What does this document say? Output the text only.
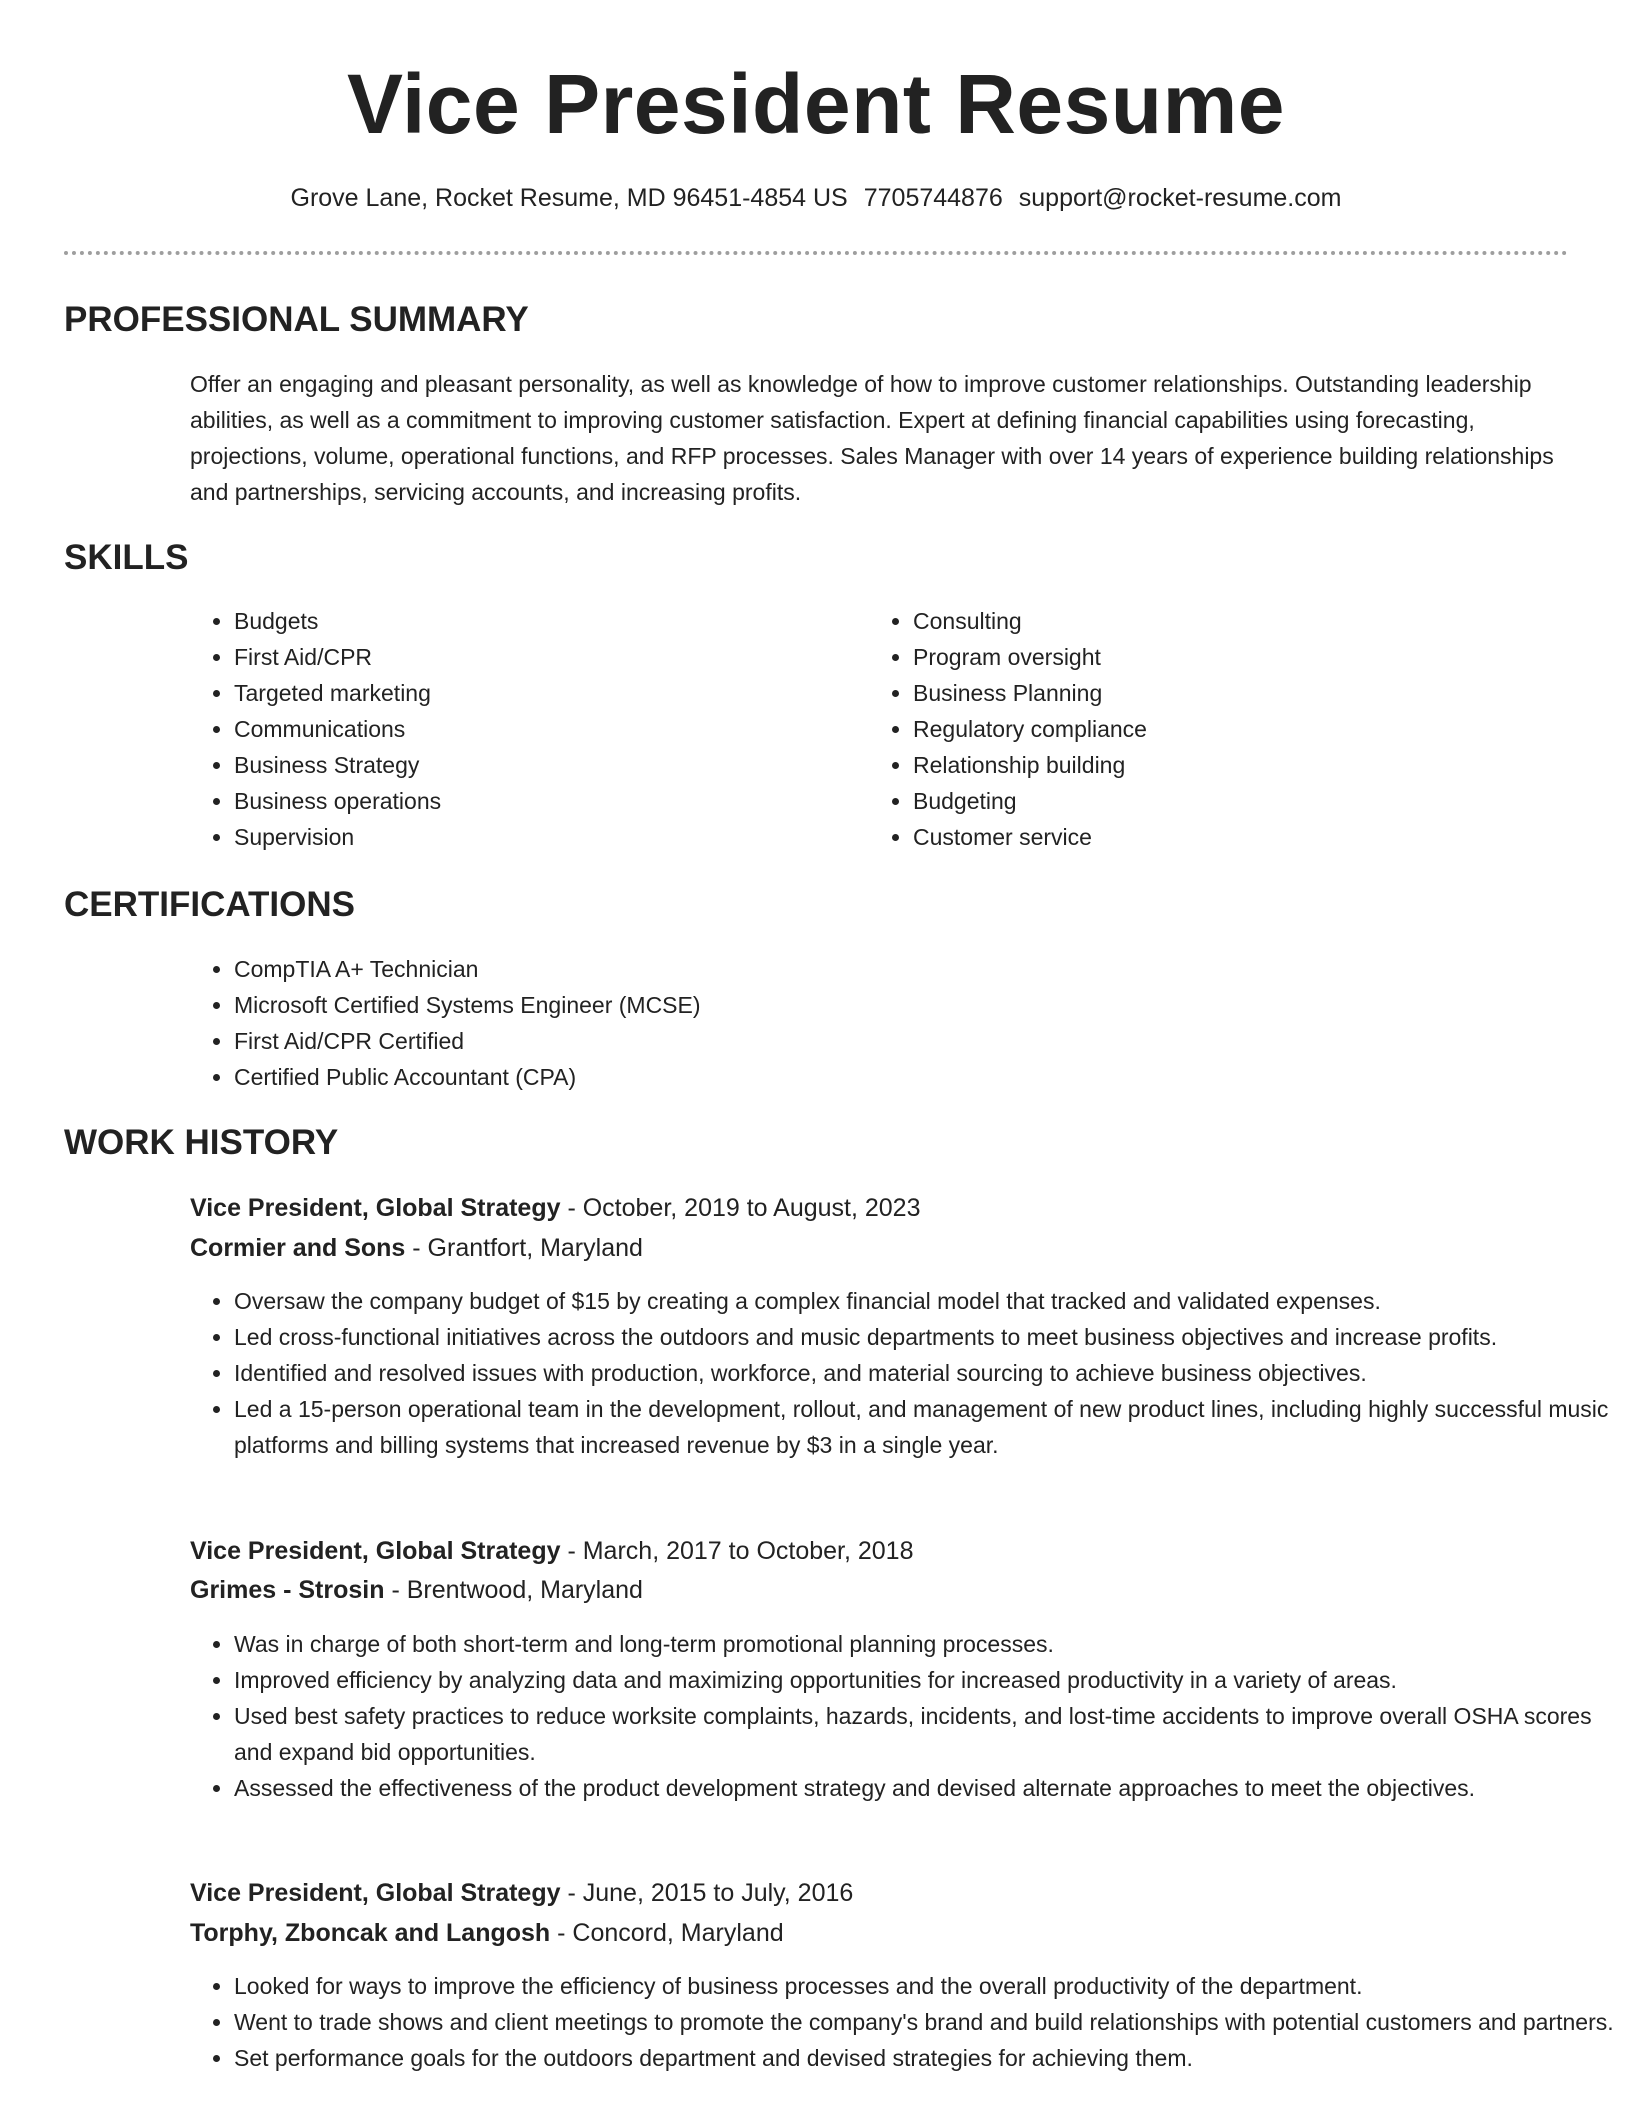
Vice President Resume
Grove Lane, Rocket Resume, MD 96451-4854 US 7705744876 support@rocket-resume.com
PROFESSIONAL SUMMARY

Offer an engaging and pleasant personality, as well as knowledge of how to improve customer relationships. Outstanding leadership abilities, as well as a commitment to improving customer satisfaction. Expert at defining financial capabilities using forecasting, projections, volume, operational functions, and RFP processes. Sales Manager with over 14 years of experience building relationships and partnerships, servicing accounts, and increasing profits.

SKILLS
• Budgets
• First Aid/CPR
• Targeted marketing
• Communications
• Business Strategy
• Business operations
• Supervision
• Consulting
• Program oversight
• Business Planning
• Regulatory compliance
• Relationship building
• Budgeting
• Customer service
CERTIFICATIONS
• CompTIA A+ Technician
• Microsoft Certified Systems Engineer (MCSE)
• First Aid/CPR Certified
• Certified Public Accountant (CPA)
WORK HISTORY
Vice President, Global Strategy - October, 2019 to August, 2023
Cormier and Sons - Grantfort, Maryland
• Oversaw the company budget of $15 by creating a complex financial model that tracked and validated expenses.
• Led cross-functional initiatives across the outdoors and music departments to meet business objectives and increase profits.
• Identified and resolved issues with production, workforce, and material sourcing to achieve business objectives.
• Led a 15-person operational team in the development, rollout, and management of new product lines, including highly successful music platforms and billing systems that increased revenue by $3 in a single year.
Vice President, Global Strategy - March, 2017 to October, 2018
Grimes - Strosin - Brentwood, Maryland
• Was in charge of both short-term and long-term promotional planning processes.
• Improved efficiency by analyzing data and maximizing opportunities for increased productivity in a variety of areas.
• Used best safety practices to reduce worksite complaints, hazards, incidents, and lost-time accidents to improve overall OSHA scores and expand bid opportunities.
• Assessed the effectiveness of the product development strategy and devised alternate approaches to meet the objectives.
Vice President, Global Strategy - June, 2015 to July, 2016
Torphy, Zboncak and Langosh - Concord, Maryland
• Looked for ways to improve the efficiency of business processes and the overall productivity of the department.
• Went to trade shows and client meetings to promote the company's brand and build relationships with potential customers and partners.
• Set performance goals for the outdoors department and devised strategies for achieving them.
